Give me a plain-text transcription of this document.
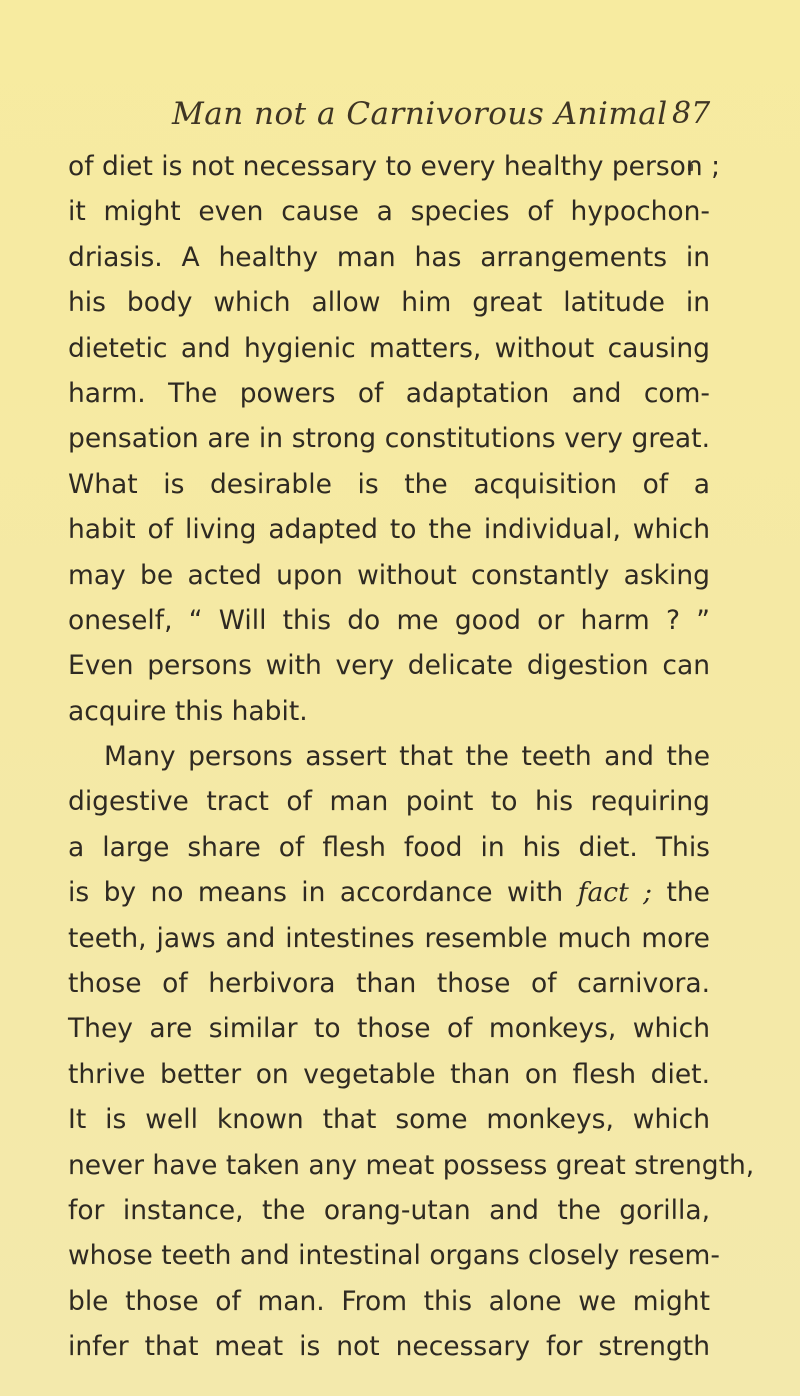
Man not a Carnivorous Animal 87
of diet is not necessary to every healthy person ;
it might even cause a species of hypochon-
driasis. A healthy man has arrangements in
his body which allow him great latitude in
dietetic and hygienic matters, without causing
harm. The powers of adaptation and com-
pensation are in strong constitutions very great.
What is desirable is the acquisition of a
habit of living adapted to the individual, which
may be acted upon without constantly asking
oneself, “ Will this do me good or harm ? ”
Even persons with very delicate digestion can
acquire this habit.
Many persons assert that the teeth and the
digestive tract of man point to his requiring
a large share of flesh food in his diet. This
is by no means in accordance with fact ; the
teeth, jaws and intestines resemble much more
those of herbivora than those of carnivora.
They are similar to those of monkeys, which
thrive better on vegetable than on flesh diet.
It is well known that some monkeys, which
never have taken any meat possess great strength,
for instance, the orang-utan and the gorilla,
whose teeth and intestinal organs closely resem-
ble those of man. From this alone we might
infer that meat is not necessary for strength
